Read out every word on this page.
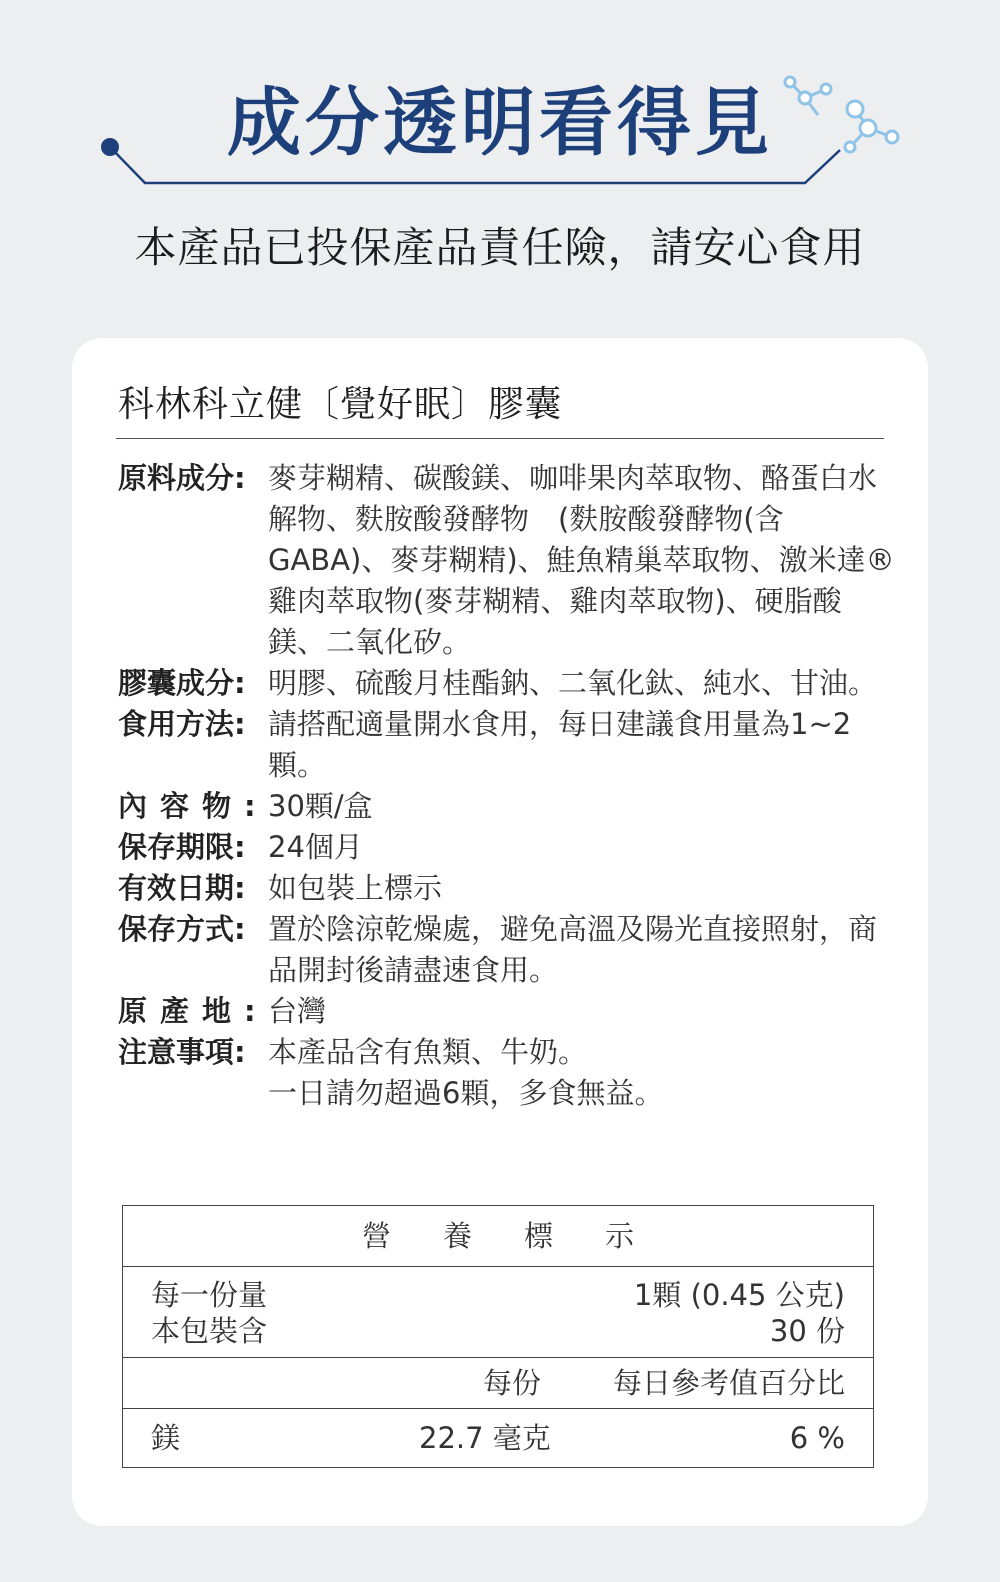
成分透明看得見
本產品已投保產品責任險，請安心食用
科林科立健〔覺好眠〕膠囊
原料成分: 麥芽糊精、碳酸鎂、咖啡果肉萃取物、酪蛋白水解物、麩胺酸發酵物　(麩胺酸發酵物(含GABA)、麥芽糊精)、鮭魚精巢萃取物、激米達®雞肉萃取物(麥芽糊精、雞肉萃取物)、硬脂酸鎂、二氧化矽。
膠囊成分: 明膠、硫酸月桂酯鈉、二氧化鈦、純水、甘油。
食用方法: 請搭配適量開水食用，每日建議食用量為1~2顆。
內容物: 30顆/盒
保存期限: 24個月
有效日期: 如包裝上標示
保存方式: 置於陰涼乾燥處，避免高溫及陽光直接照射，商品開封後請盡速食用。
原產地: 台灣
注意事項: 本產品含有魚類、牛奶。
一日請勿超過6顆，多食無益。
營養標示
每一份量
本包裝含
1顆 (0.45 公克)
30 份
每份 每日參考值百分比
鎂	22.7 毫克	6 %
